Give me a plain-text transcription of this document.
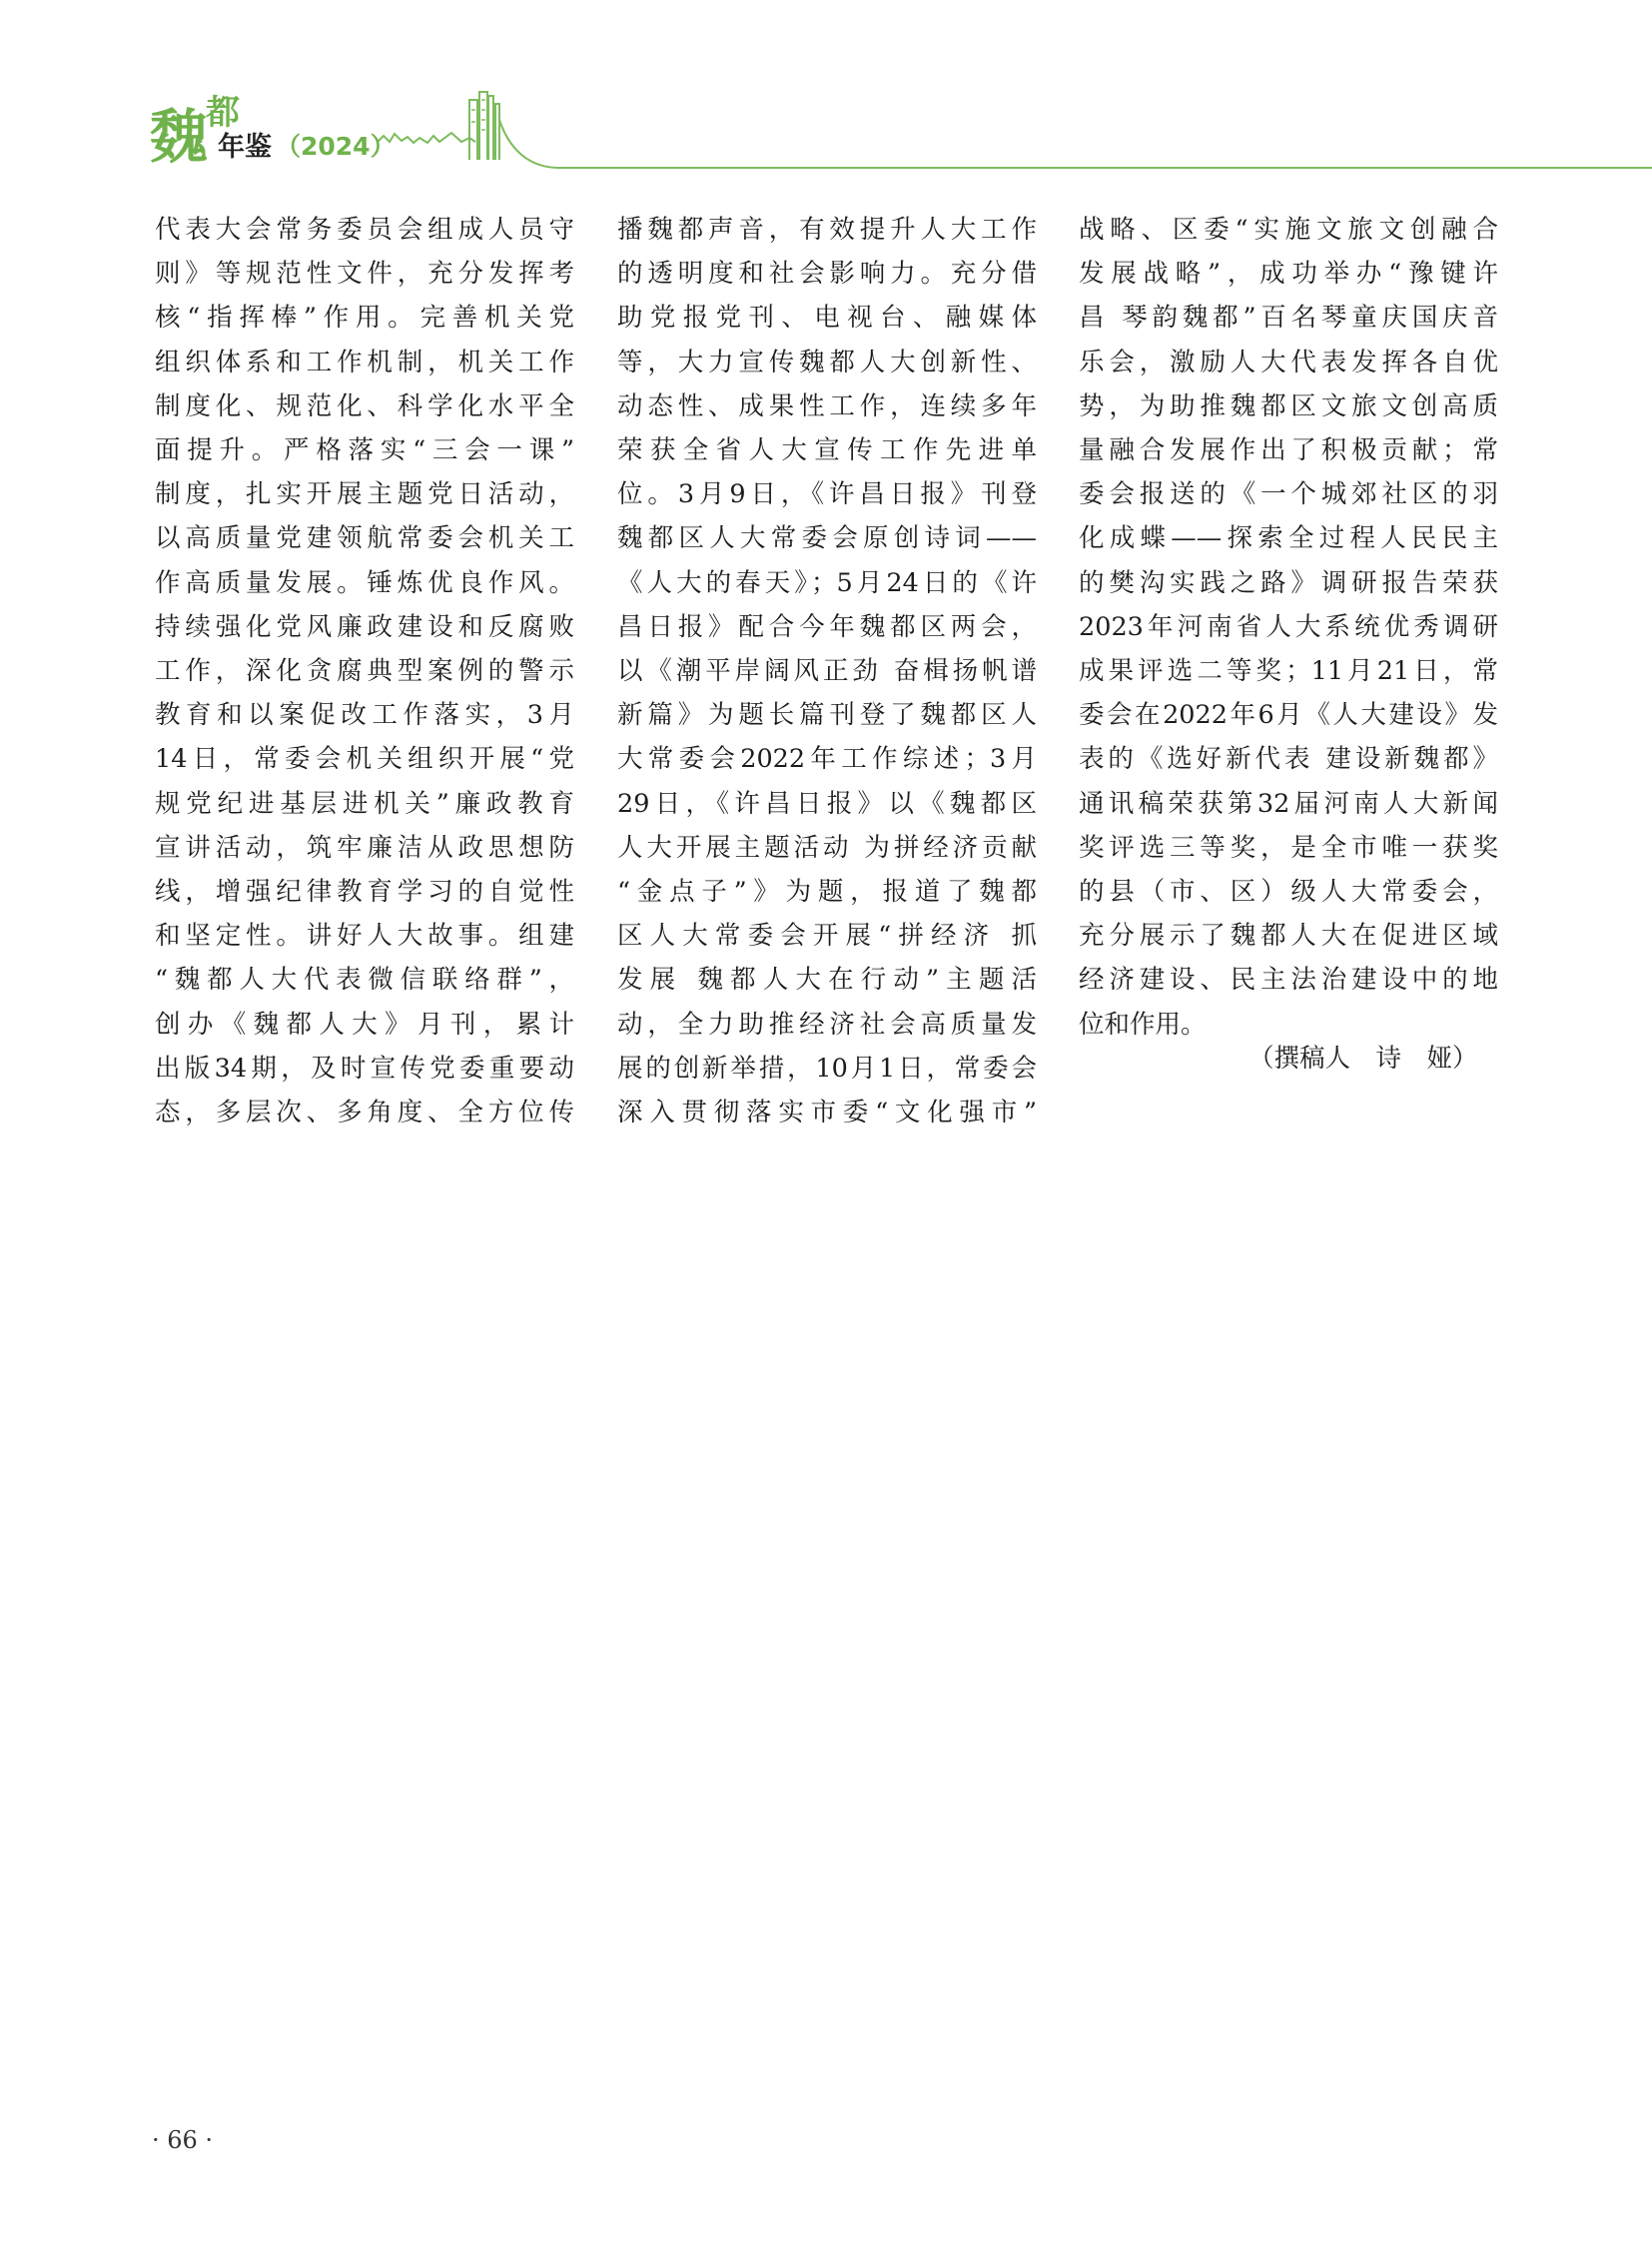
魏
都
年鉴 （2024）

代表大会常务委员会组成人员守

则》等规范性文件，充分发挥考

核“指挥棒”作用。完善机关党

组织体系和工作机制，机关工作

制度化、规范化、科学化水平全

面提升。严格落实“三会一课”

制度，扎实开展主题党日活动，

以高质量党建领航常委会机关工

作高质量发展。锤炼优良作风。

持续强化党风廉政建设和反腐败

工作，深化贪腐典型案例的警示

教育和以案促改工作落实，3月

14日，常委会机关组织开展“党

规党纪进基层进机关”廉政教育

宣讲活动，筑牢廉洁从政思想防

线，增强纪律教育学习的自觉性

和坚定性。讲好人大故事。组建

“魏都人大代表微信联络群”，

创办《魏都人大》月刊，累计

出版34期，及时宣传党委重要动

态，多层次、多角度、全方位传

播魏都声音，有效提升人大工作

的透明度和社会影响力。充分借

助党报党刊、电视台、融媒体

等，大力宣传魏都人大创新性、

动态性、成果性工作，连续多年

荣获全省人大宣传工作先进单

位。3月9日，《许昌日报》刊登

魏都区人大常委会原创诗词——

《人大的春天》；5月24日的《许

昌日报》配合今年魏都区两会，

以《潮平岸阔风正劲 奋楫扬帆谱

新篇》为题长篇刊登了魏都区人

大常委会2022年工作综述；3月

29日，《许昌日报》以《魏都区

人大开展主题活动 为拼经济贡献

“金点子”》为题，报道了魏都

区人大常委会开展“拼经济 抓

发展 魏都人大在行动”主题活

动，全力助推经济社会高质量发

展的创新举措，10月1日，常委会

深入贯彻落实市委“文化强市”

战略、区委“实施文旅文创融合

发展战略”，成功举办“豫键许

昌 琴韵魏都”百名琴童庆国庆音

乐会，激励人大代表发挥各自优

势，为助推魏都区文旅文创高质

量融合发展作出了积极贡献；常

委会报送的《一个城郊社区的羽

化成蝶——探索全过程人民民主

的樊沟实践之路》调研报告荣获

2023年河南省人大系统优秀调研

成果评选二等奖；11月21日，常

委会在2022年6月《人大建设》发

表的《选好新代表 建设新魏都》

通讯稿荣获第32届河南人大新闻

奖评选三等奖，是全市唯一获奖

的县（市、区）级人大常委会，

充分展示了魏都人大在促进区域

经济建设、民主法治建设中的地

位和作用。

（撰稿人　诗　娅）
· 66 ·
